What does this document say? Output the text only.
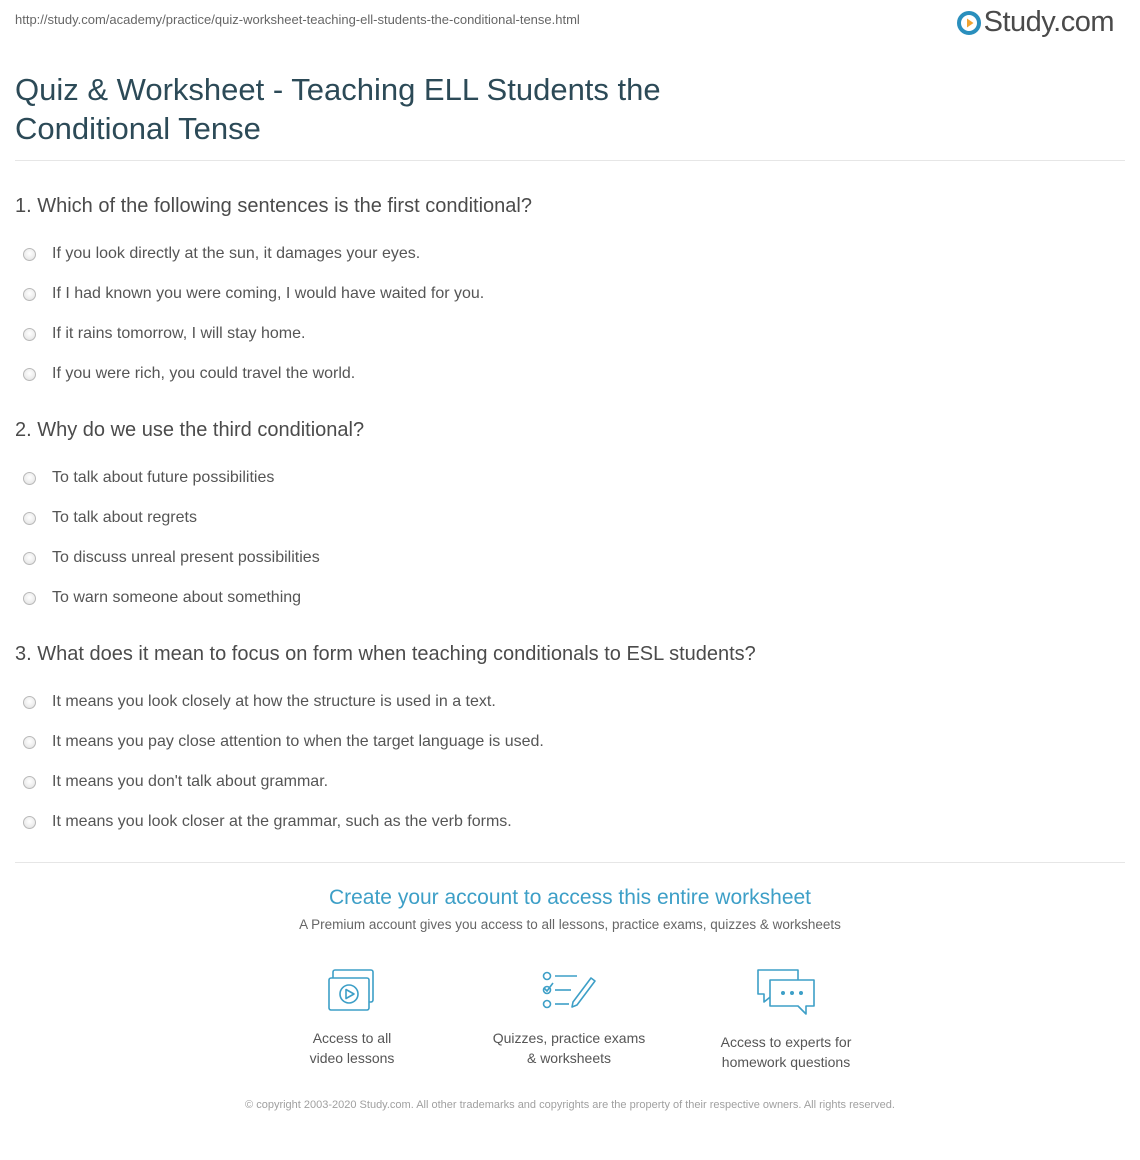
http://study.com/academy/practice/quiz-worksheet-teaching-ell-students-the-conditional-tense.html	Study.com
Quiz & Worksheet - Teaching ELL Students the Conditional Tense
1. Which of the following sentences is the first conditional?
If you look directly at the sun, it damages your eyes.
If I had known you were coming, I would have waited for you.
If it rains tomorrow, I will stay home.
If you were rich, you could travel the world.
2. Why do we use the third conditional?
To talk about future possibilities
To talk about regrets
To discuss unreal present possibilities
To warn someone about something
3. What does it mean to focus on form when teaching conditionals to ESL students?
It means you look closely at how the structure is used in a text.
It means you pay close attention to when the target language is used.
It means you don't talk about grammar.
It means you look closer at the grammar, such as the verb forms.
Create your account to access this entire worksheet
A Premium account gives you access to all lessons, practice exams, quizzes & worksheets
Access to all
video lessons
Quizzes, practice exams
& worksheets
Access to experts for
homework questions
© copyright 2003-2020 Study.com. All other trademarks and copyrights are the property of their respective owners. All rights reserved.
